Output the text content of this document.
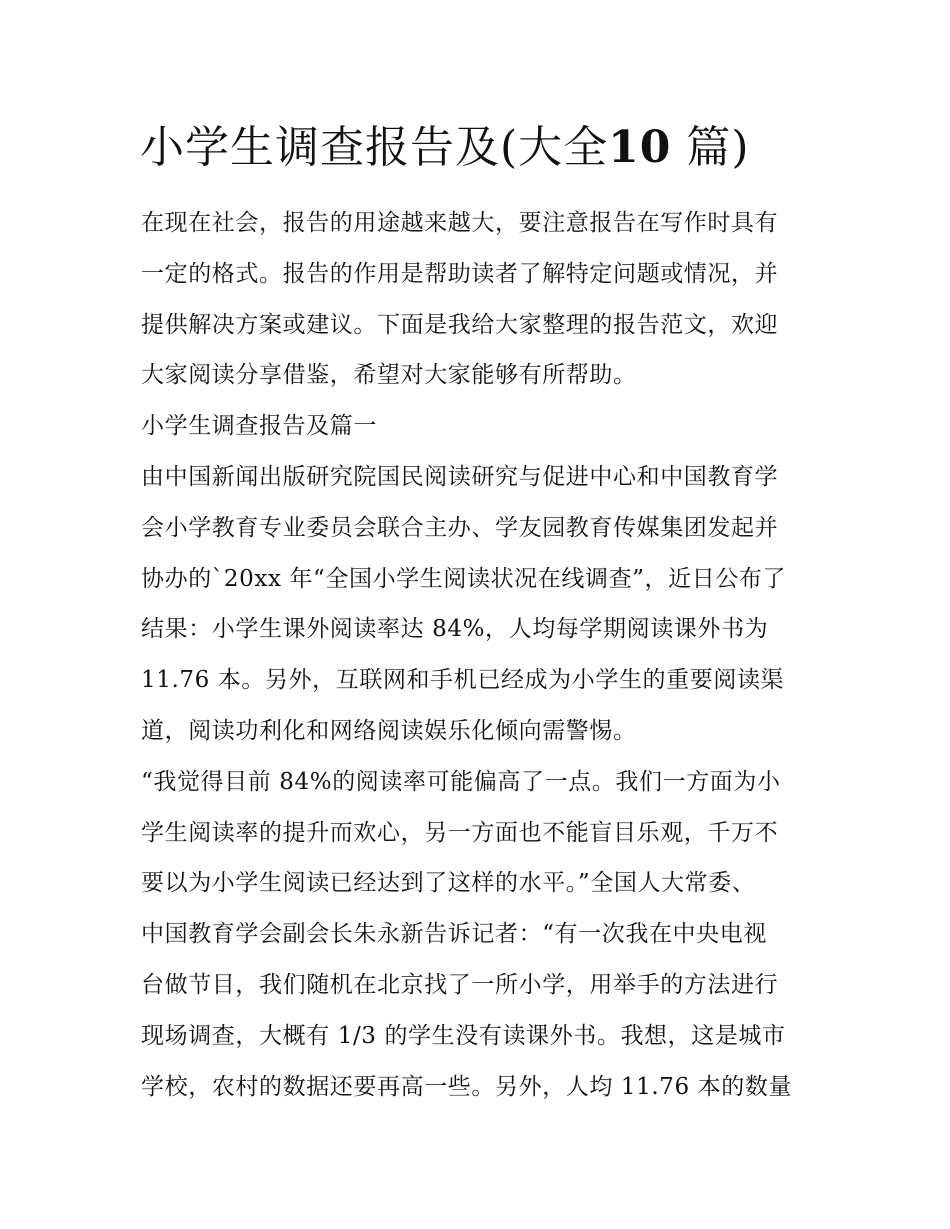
小学生调查报告及(大全10 篇)
在现在社会，报告的用途越来越大，要注意报告在写作时具有
一定的格式。报告的作用是帮助读者了解特定问题或情况，并
提供解决方案或建议。下面是我给大家整理的报告范文，欢迎
大家阅读分享借鉴，希望对大家能够有所帮助。
小学生调查报告及篇一
由中国新闻出版研究院国民阅读研究与促进中心和中国教育学
会小学教育专业委员会联合主办、学友园教育传媒集团发起并
协办的`20xx 年“全国小学生阅读状况在线调查”，近日公布了
结果：小学生课外阅读率达 84%，人均每学期阅读课外书为
11.76 本。另外，互联网和手机已经成为小学生的重要阅读渠
道，阅读功利化和网络阅读娱乐化倾向需警惕。
“我觉得目前 84%的阅读率可能偏高了一点。我们一方面为小
学生阅读率的提升而欢心，另一方面也不能盲目乐观，千万不
要以为小学生阅读已经达到了这样的水平。”全国人大常委、
中国教育学会副会长朱永新告诉记者：“有一次我在中央电视
台做节目，我们随机在北京找了一所小学，用举手的方法进行
现场调查，大概有 1/3 的学生没有读课外书。我想，这是城市
学校，农村的数据还要再高一些。另外，人均 11.76 本的数量
